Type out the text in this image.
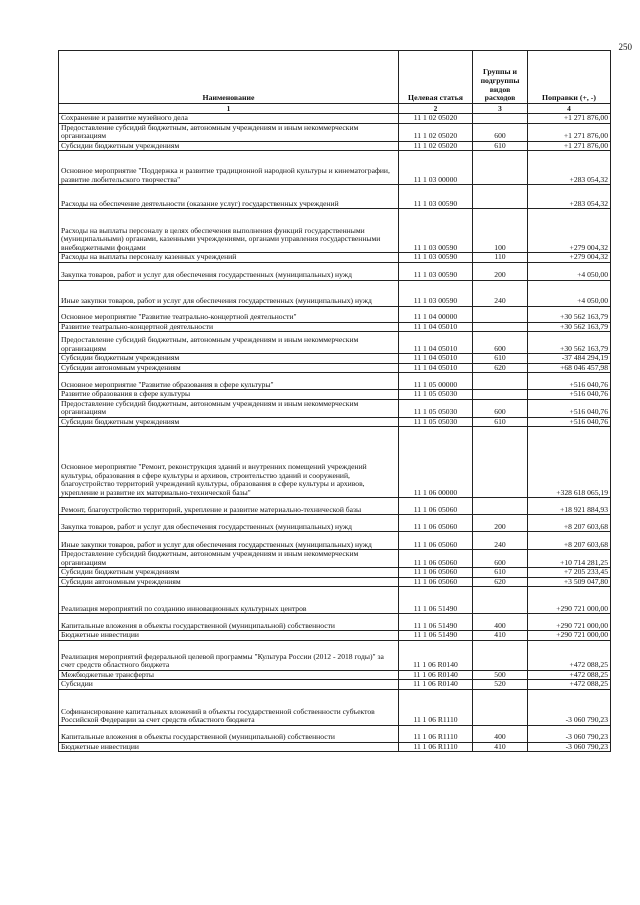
250
Наименование	Целевая статья	Группы и подгруппы видов расходов	Поправки (+, -)
1	2	3	4
Сохранение и развитие музейного дела	11 1 02 05020		+1 271 876,00
Предоставление субсидий бюджетным, автономным учреждениям и иным некоммерческим организациям	11 1 02 05020	600	+1 271 876,00
Субсидии бюджетным учреждениям	11 1 02 05020	610	+1 271 876,00
Основное мероприятие "Поддержка и развитие традиционной народной культуры и кинематографии, развитие любительского творчества"	11 1 03 00000		+283 054,32
Расходы на обеспечение деятельности (оказание услуг) государственных учреждений	11 1 03 00590		+283 054,32
Расходы на выплаты персоналу в целях обеспечения выполнения функций государственными (муниципальными) органами, казенными учреждениями, органами управления государственными внебюджетными фондами	11 1 03 00590	100	+279 004,32
Расходы на выплаты персоналу казенных учреждений	11 1 03 00590	110	+279 004,32
Закупка товаров, работ и услуг для обеспечения государственных (муниципальных) нужд	11 1 03 00590	200	+4 050,00
Иные закупки товаров, работ и услуг для обеспечения государственных (муниципальных) нужд	11 1 03 00590	240	+4 050,00
Основное мероприятие "Развитие театрально-концертной деятельности"	11 1 04 00000		+30 562 163,79
Развитие театрально-концертной деятельности	11 1 04 05010		+30 562 163,79
Предоставление субсидий бюджетным, автономным учреждениям и иным некоммерческим организациям	11 1 04 05010	600	+30 562 163,79
Субсидии бюджетным учреждениям	11 1 04 05010	610	-37 484 294,19
Субсидии автономным учреждениям	11 1 04 05010	620	+68 046 457,98
Основное мероприятие "Развитие образования в сфере культуры"	11 1 05 00000		+516 040,76
Развитие образования в сфере культуры	11 1 05 05030		+516 040,76
Предоставление субсидий бюджетным, автономным учреждениям и иным некоммерческим организациям	11 1 05 05030	600	+516 040,76
Субсидии бюджетным учреждениям	11 1 05 05030	610	+516 040,76
Основное мероприятие "Ремонт, реконструкция зданий и внутренних помещений учреждений культуры, образования в сфере культуры и архивов, строительство зданий и сооружений, благоустройство территорий учреждений культуры, образования в сфере культуры и архивов, укрепление и развитие их материально-технической базы"	11 1 06 00000		+328 618 065,19
Ремонт, благоустройство территорий, укрепление и развитие материально-технической базы	11 1 06 05060		+18 921 884,93
Закупка товаров, работ и услуг для обеспечения государственных (муниципальных) нужд	11 1 06 05060	200	+8 207 603,68
Иные закупки товаров, работ и услуг для обеспечения государственных (муниципальных) нужд	11 1 06 05060	240	+8 207 603,68
Предоставление субсидий бюджетным, автономным учреждениям и иным некоммерческим организациям	11 1 06 05060	600	+10 714 281,25
Субсидии бюджетным учреждениям	11 1 06 05060	610	+7 205 233,45
Субсидии автономным учреждениям	11 1 06 05060	620	+3 509 047,80
Реализация мероприятий по созданию инновационных культурных центров	11 1 06 51490		+290 721 000,00
Капитальные вложения в объекты государственной (муниципальной) собственности	11 1 06 51490	400	+290 721 000,00
Бюджетные инвестиции	11 1 06 51490	410	+290 721 000,00
Реализация мероприятий федеральной целевой программы "Культура России (2012 - 2018 годы)" за счет средств областного бюджета	11 1 06 R0140		+472 088,25
Межбюджетные трансферты	11 1 06 R0140	500	+472 088,25
Субсидии	11 1 06 R0140	520	+472 088,25
Софинансирование капитальных вложений в объекты государственной собственности субъектов Российской Федерации за счет средств областного бюджета	11 1 06 R1110		-3 060 790,23
Капитальные вложения в объекты государственной (муниципальной) собственности	11 1 06 R1110	400	-3 060 790,23
Бюджетные инвестиции	11 1 06 R1110	410	-3 060 790,23
